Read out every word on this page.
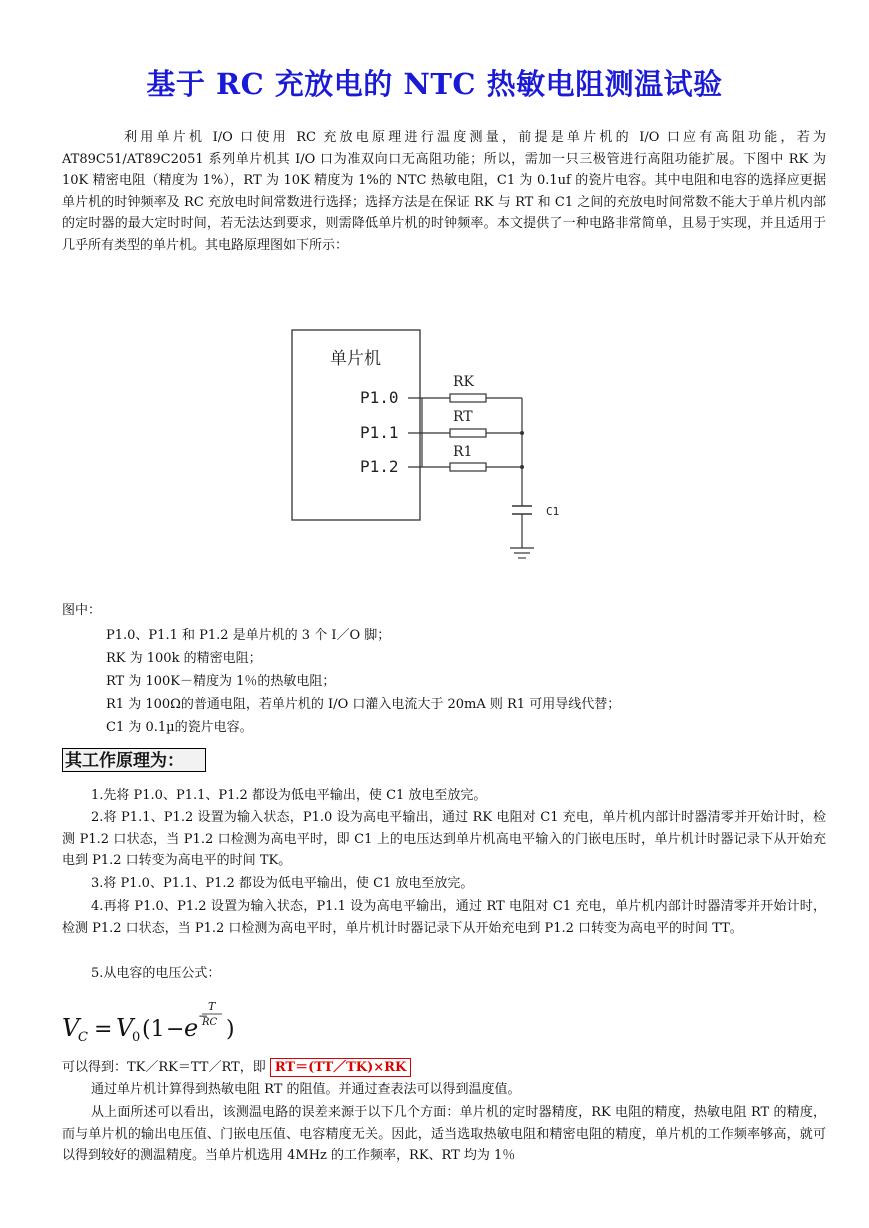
基于 RC 充放电的 NTC 热敏电阻测温试验

利用单片机 I/O 口使用 RC 充放电原理进行温度测量，前提是单片机的 I/O 口应有高阻功能，若为 AT89C51/AT89C2051 系列单片机其 I/O 口为准双向口无高阻功能；所以，需加一只三极管进行高阻功能扩展。下图中 RK 为 10K 精密电阻（精度为 1%），RT 为 10K 精度为 1%的 NTC 热敏电阻，C1 为 0.1uf 的瓷片电容。其中电阻和电容的选择应更据单片机的时钟频率及 RC 充放电时间常数进行选择；选择方法是在保证 RK 与 RT 和 C1 之间的充放电时间常数不能大于单片机内部的定时器的最大定时时间，若无法达到要求，则需降低单片机的时钟频率。本文提供了一种电路非常简单，且易于实现，并且适用于几乎所有类型的单片机。其电路原理图如下所示：

单片机
P1.0
P1.1
P1.2
RK
RT
R1
C1

图中：

P1.0、P1.1 和 P1.2 是单片机的 3 个 I／O 脚；

RK 为 100k 的精密电阻；

RT 为 100K－精度为 1％的热敏电阻；

R1 为 100Ω的普通电阻，若单片机的 I/O 口灌入电流大于 20mA 则 R1 可用导线代替；

C1 为 0.1µ的瓷片电容。

其工作原理为：

1.先将 P1.0、P1.1、P1.2 都设为低电平输出，使 C1 放电至放完。

2.将 P1.1、P1.2 设置为输入状态，P1.0 设为高电平输出，通过 RK 电阻对 C1 充电，单片机内部计时器清零并开始计时，检测 P1.2 口状态，当 P1.2 口检测为高电平时，即 C1 上的电压达到单片机高电平输入的门嵌电压时，单片机计时器记录下从开始充电到 P1.2 口转变为高电平的时间 TK。

3.将 P1.0、P1.1、P1.2 都设为低电平输出，使 C1 放电至放完。

4.再将 P1.0、P1.2 设置为输入状态，P1.1 设为高电平输出，通过 RT 电阻对 C1 充电，单片机内部计时器清零并开始计时，检测 P1.2 口状态，当 P1.2 口检测为高电平时，单片机计时器记录下从开始充电到 P1.2 口转变为高电平的时间 TT。

5.从电容的电压公式：

V
C = V
0 (1 − e −
T
RC )

可以得到：TK／RK＝TT／RT，即 RT＝(TT／TK)×RK

通过单片机计算得到热敏电阻 RT 的阻值。并通过查表法可以得到温度值。

从上面所述可以看出，该测温电路的误差来源于以下几个方面：单片机的定时器精度，RK 电阻的精度，热敏电阻 RT 的精度，而与单片机的输出电压值、门嵌电压值、电容精度无关。因此，适当选取热敏电阻和精密电阻的精度，单片机的工作频率够高，就可以得到较好的测温精度。当单片机选用 4MHz 的工作频率，RK、RT 均为 1％
